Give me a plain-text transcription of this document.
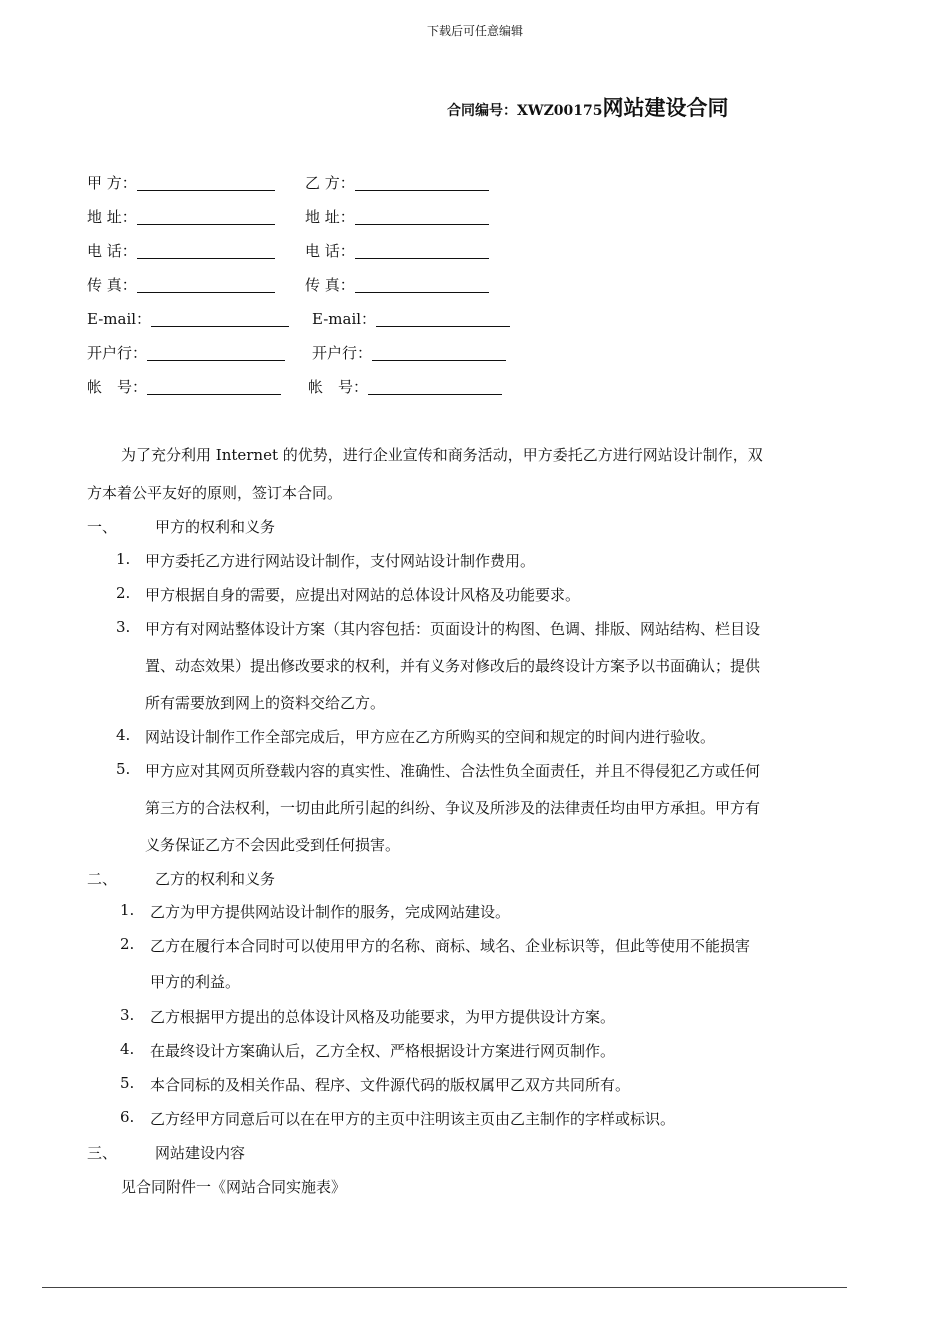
下载后可任意编辑
合同编号：XWZ00175网站建设合同
甲 方：	乙 方：
地 址：	地 址：
电 话：	电 话：
传 真：	传 真：
E-mail：	E-mail：
开户行：	开户行：
帐　号：	帐　号：
为了充分利用 Internet 的优势，进行企业宣传和商务活动，甲方委托乙方进行网站设计制作，双
方本着公平友好的原则，签订本合同。
一、	甲方的权利和义务
1. 甲方委托乙方进行网站设计制作，支付网站设计制作费用。
2. 甲方根据自身的需要，应提出对网站的总体设计风格及功能要求。
3. 甲方有对网站整体设计方案（其内容包括：页面设计的构图、色调、排版、网站结构、栏目设
置、动态效果）提出修改要求的权利，并有义务对修改后的最终设计方案予以书面确认；提供
所有需要放到网上的资料交给乙方。
4. 网站设计制作工作全部完成后，甲方应在乙方所购买的空间和规定的时间内进行验收。
5. 甲方应对其网页所登载内容的真实性、准确性、合法性负全面责任，并且不得侵犯乙方或任何
第三方的合法权利，一切由此所引起的纠纷、争议及所涉及的法律责任均由甲方承担。甲方有
义务保证乙方不会因此受到任何损害。
二、	乙方的权利和义务
1. 乙方为甲方提供网站设计制作的服务，完成网站建设。
2. 乙方在履行本合同时可以使用甲方的名称、商标、域名、企业标识等，但此等使用不能损害
甲方的利益。
3. 乙方根据甲方提出的总体设计风格及功能要求，为甲方提供设计方案。
4. 在最终设计方案确认后，乙方全权、严格根据设计方案进行网页制作。
5. 本合同标的及相关作品、程序、文件源代码的版权属甲乙双方共同所有。
6. 乙方经甲方同意后可以在在甲方的主页中注明该主页由乙主制作的字样或标识。
三、	网站建设内容
见合同附件一《网站合同实施表》
